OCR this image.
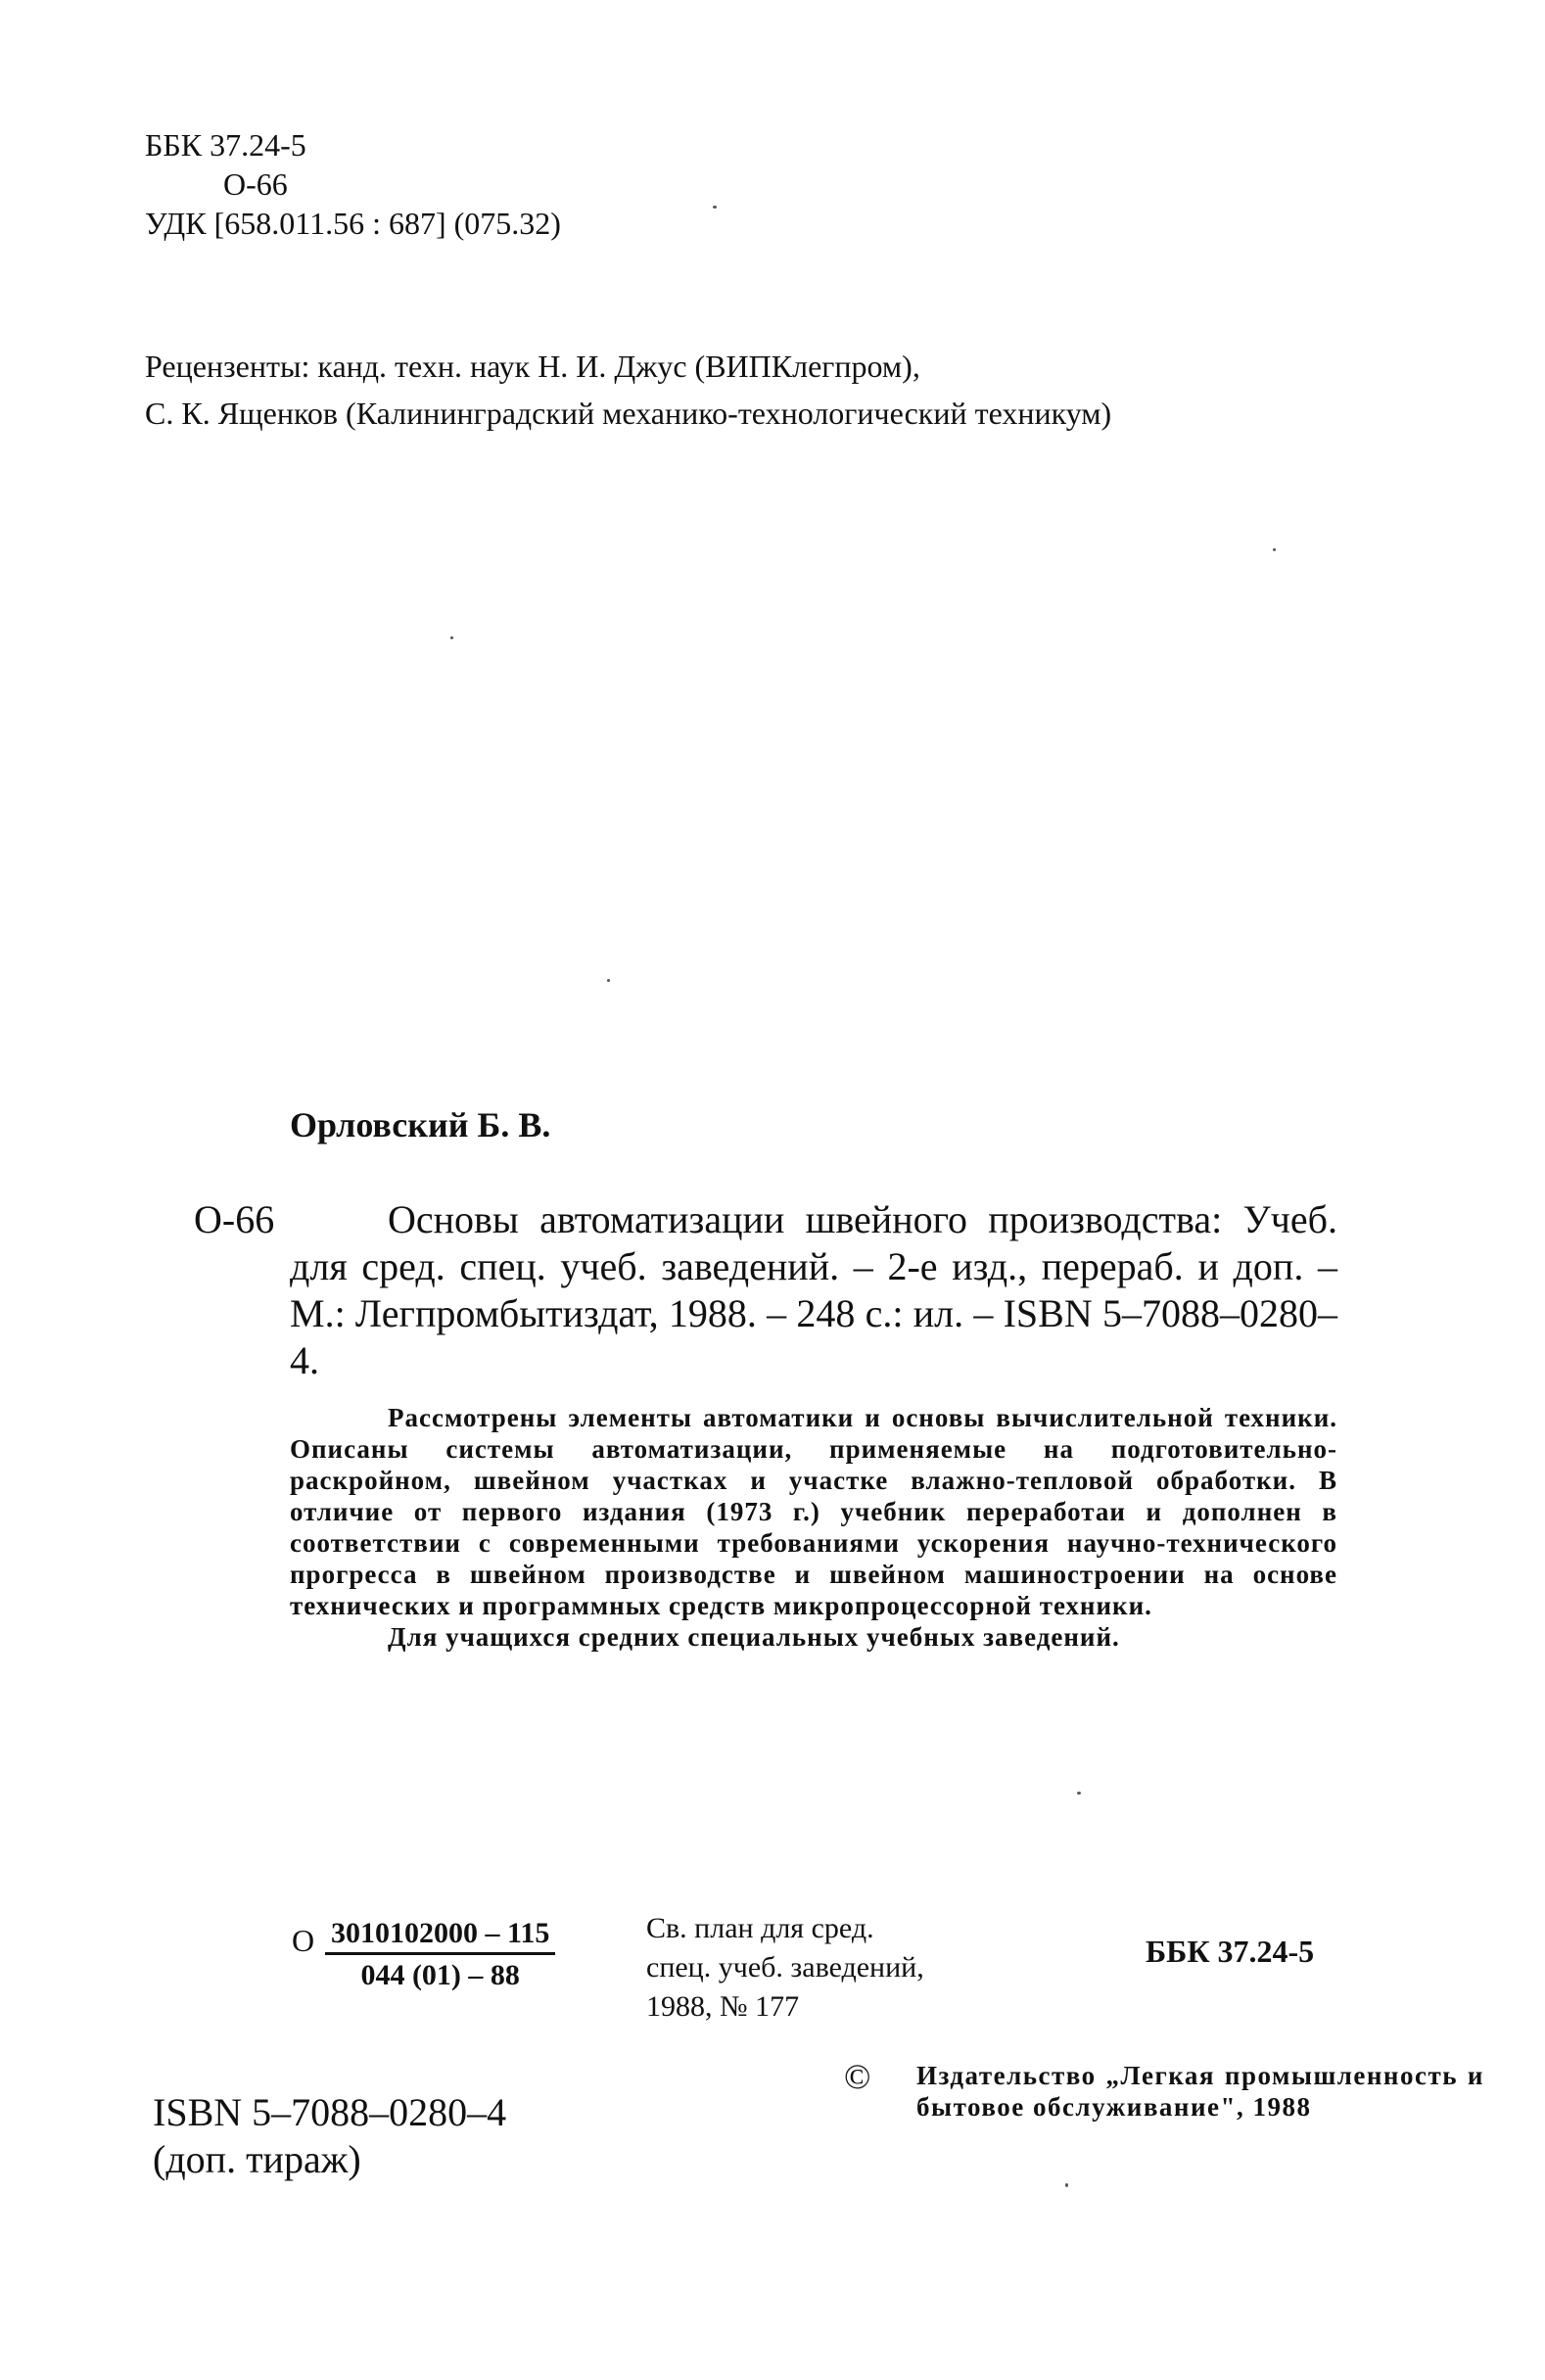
ББК 37.24-5
О-66
УДК [658.011.56 : 687] (075.32)
Рецензенты: канд. техн. наук Н. И. Джус (ВИПКлегпром),
С. К. Ященков (Калининградский механико-технологический техникум)
Орловский Б. В.
О-66	Основы автоматизации швейного производства: Учеб. для сред. спец. учеб. заведений. – 2-е изд., перераб. и доп. – М.: Легпромбытиздат, 1988. – 248 с.: ил. – ISBN 5–7088–0280–4.

Рассмотрены элементы автоматики и основы вычислительной техники. Описаны системы автоматизации, применяемые на подготовительно-раскройном, швейном участках и участке влажно-тепловой обработки. В отличие от первого издания (1973 г.) учебник переработаи и дополнен в соответствии с современными требованиями ускорения научно-технического прогресса в швейном производстве и швейном машиностроении на основе технических и программных средств микропроцессорной техники.

Для учащихся средних специальных учебных заведений.

О $\frac{3010102000 - 115}{044 (01) - 88}$	Св. план для сред.
спец. учеб. заведений,
1988, № 177
ББК 37.24-5
© Издательство „Легкая промышленность и бытовое обслуживание", 1988
ISBN 5–7088–0280–4
(доп. тираж)
